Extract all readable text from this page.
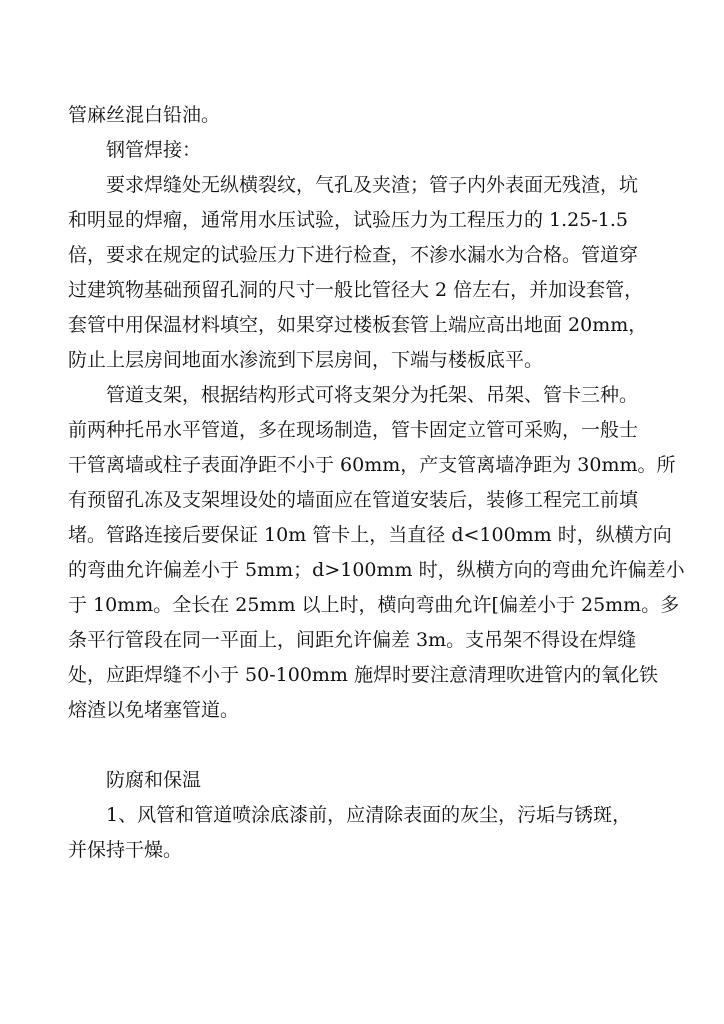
管麻丝混白铅油。
钢管焊接：
要求焊缝处无纵横裂纹，气孔及夹渣；管子内外表面无残渣，坑
和明显的焊瘤，通常用水压试验，试验压力为工程压力的 1.25-1.5
倍，要求在规定的试验压力下进行检查，不渗水漏水为合格。管道穿
过建筑物基础预留孔洞的尺寸一般比管径大 2 倍左右，并加设套管，
套管中用保温材料填空，如果穿过楼板套管上端应高出地面 20mm，
防止上层房间地面水渗流到下层房间，下端与楼板底平。
管道支架，根据结构形式可将支架分为托架、吊架、管卡三种。
前两种托吊水平管道，多在现场制造，管卡固定立管可采购，一般士
干管离墙或柱子表面净距不小于 60mm，产支管离墙净距为 30mm。所
有预留孔冻及支架埋设处的墙面应在管道安装后，装修工程完工前填
堵。管路连接后要保证 10m 管卡上，当直径 d<100mm 时，纵横方向
的弯曲允许偏差小于 5mm；d>100mm 时，纵横方向的弯曲允许偏差小
于 10mm。全长在 25mm 以上时，横向弯曲允许[偏差小于 25mm。多
条平行管段在同一平面上，间距允许偏差 3m。支吊架不得设在焊缝
处，应距焊缝不小于 50-100mm 施焊时要注意清理吹进管内的氧化铁
熔渣以免堵塞管道。
防腐和保温
1、风管和管道喷涂底漆前，应清除表面的灰尘，污垢与锈斑，
并保持干燥。
